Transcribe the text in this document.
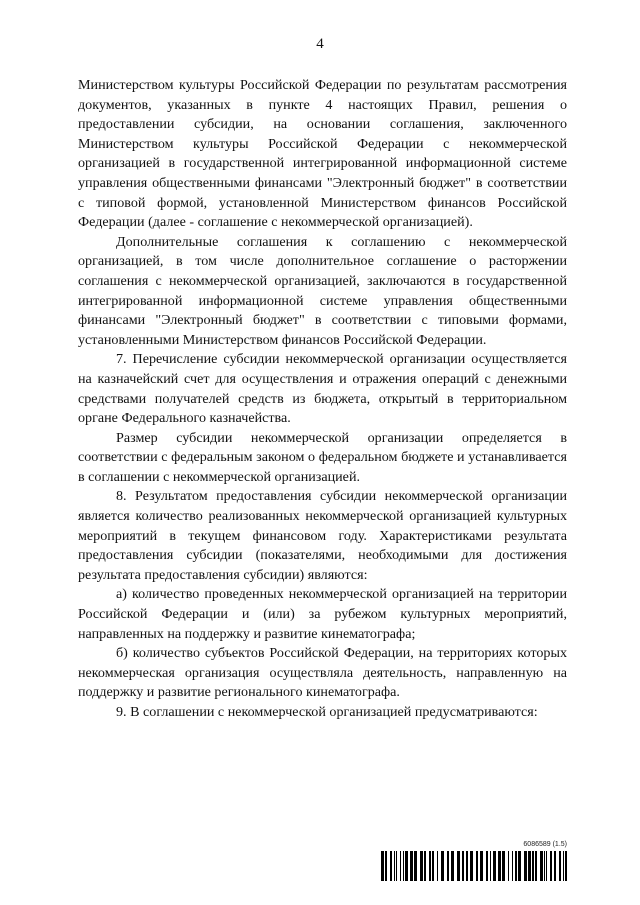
4

Министерством культуры Российской Федерации по результатам рассмотрения документов, указанных в пункте 4 настоящих Правил, решения о предоставлении субсидии, на основании соглашения, заключенного Министерством культуры Российской Федерации с некоммерческой организацией в государственной интегрированной информационной системе управления общественными финансами "Электронный бюджет" в соответствии с типовой формой, установленной Министерством финансов Российской Федерации (далее - соглашение с некоммерческой организацией).

Дополнительные соглашения к соглашению с некоммерческой организацией, в том числе дополнительное соглашение о расторжении соглашения с некоммерческой организацией, заключаются в государственной интегрированной информационной системе управления общественными финансами "Электронный бюджет" в соответствии с типовыми формами, установленными Министерством финансов Российской Федерации.

7. Перечисление субсидии некоммерческой организации осуществляется на казначейский счет для осуществления и отражения операций с денежными средствами получателей средств из бюджета, открытый в территориальном органе Федерального казначейства.

Размер субсидии некоммерческой организации определяется в соответствии с федеральным законом о федеральном бюджете и устанавливается в соглашении с некоммерческой организацией.

8. Результатом предоставления субсидии некоммерческой организации является количество реализованных некоммерческой организацией культурных мероприятий в текущем финансовом году. Характеристиками результата предоставления субсидии (показателями, необходимыми для достижения результата предоставления субсидии) являются:

а) количество проведенных некоммерческой организацией на территории Российской Федерации и (или) за рубежом культурных мероприятий, направленных на поддержку и развитие кинематографа;

б) количество субъектов Российской Федерации, на территориях которых некоммерческая организация осуществляла деятельность, направленную на поддержку и развитие регионального кинематографа.

9. В соглашении с некоммерческой организацией предусматриваются:

6086589 (1.5)
